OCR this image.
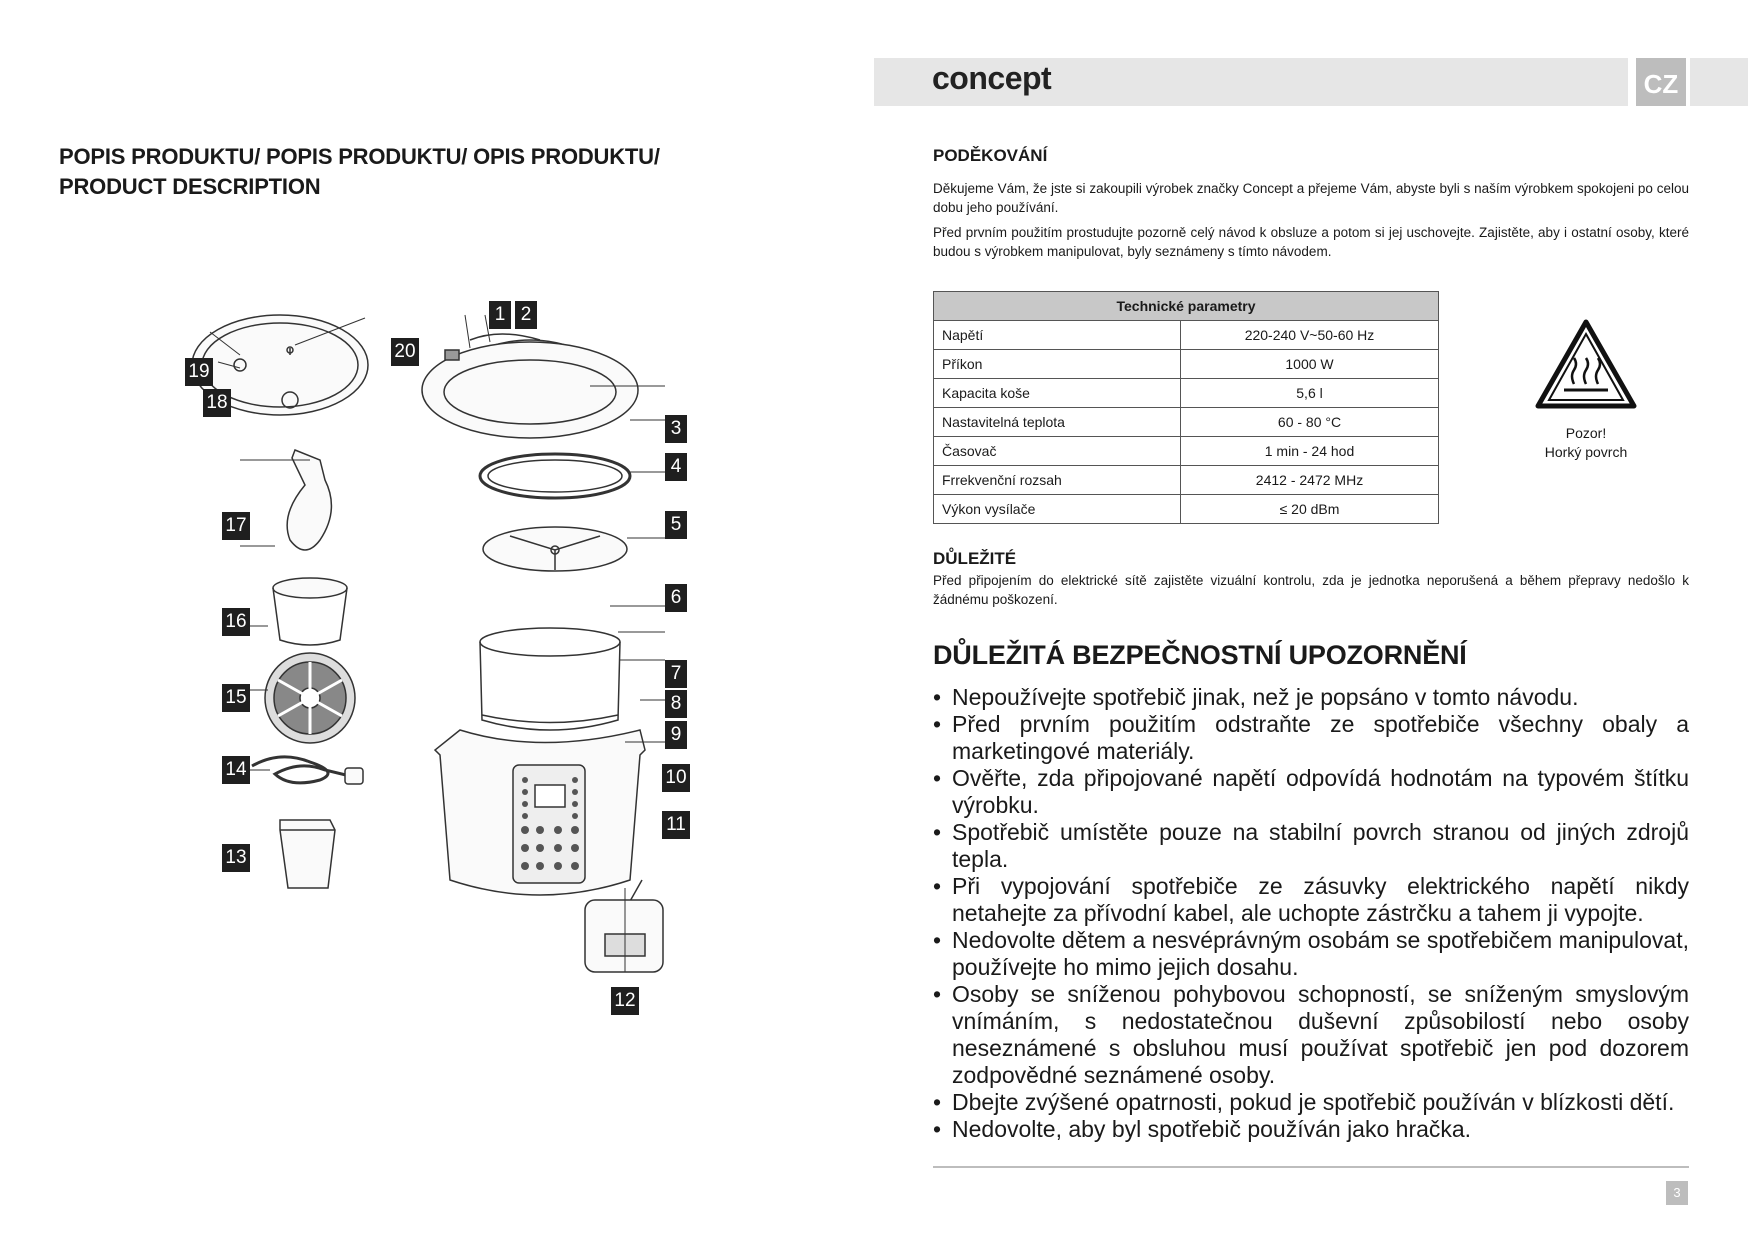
POPIS PRODUKTU/ POPIS PRODUKTU/ OPIS PRODUKTU/
PRODUCT DESCRIPTION
1 2
3
4
5
6
7
8
9
10
11
12
13
14
15
16
17
18
19
20
concept	CZ
PODĚKOVÁNÍ
Děkujeme Vám, že jste si zakoupili výrobek značky Concept a přejeme Vám, abyste byli s naším výrobkem spokojeni po celou dobu jeho používání.
Před prvním použitím prostudujte pozorně celý návod k obsluze a potom si jej uschovejte. Zajistěte, aby i ostatní osoby, které budou s výrobkem manipulovat, byly seznámeny s tímto návodem.
Technické parametry	
Napětí	220-240 V~50-60 Hz
Příkon	1000 W
Kapacita koše	5,6 l
Nastavitelná teplota	60 - 80 °C
Časovač	1 min - 24 hod
Frrekvenční rozsah	2412 - 2472 MHz
Výkon vysílače	≤ 20 dBm
Pozor!
Horký povrch
DŮLEŽITÉ
Před připojením do elektrické sítě zajistěte vizuální kontrolu, zda je jednotka neporušená a během přepravy nedošlo k žádnému poškození.
DŮLEŽITÁ BEZPEČNOSTNÍ UPOZORNĚNÍ
• Nepoužívejte spotřebič jinak, než je popsáno v tomto návodu.
• Před prvním použitím odstraňte ze spotřebiče všechny obaly a marketingové materiály.
• Ověřte, zda připojované napětí odpovídá hodnotám na typovém štítku výrobku.
• Spotřebič umístěte pouze na stabilní povrch stranou od jiných zdrojů tepla.
• Při vypojování spotřebiče ze zásuvky elektrického napětí nikdy netahejte za přívodní kabel, ale uchopte zástrčku a tahem ji vypojte.
• Nedovolte dětem a nesvéprávným osobám se spotřebičem manipulovat, používejte ho mimo jejich dosahu.
• Osoby se sníženou pohybovou schopností, se sníženým smyslovým vnímáním, s nedostatečnou duševní způsobilostí nebo osoby neseznámené s obsluhou musí používat spotřebič jen pod dozorem zodpovědné seznámené osoby.
• Dbejte zvýšené opatrnosti, pokud je spotřebič používán v blízkosti dětí.
• Nedovolte, aby byl spotřebič používán jako hračka.
3
